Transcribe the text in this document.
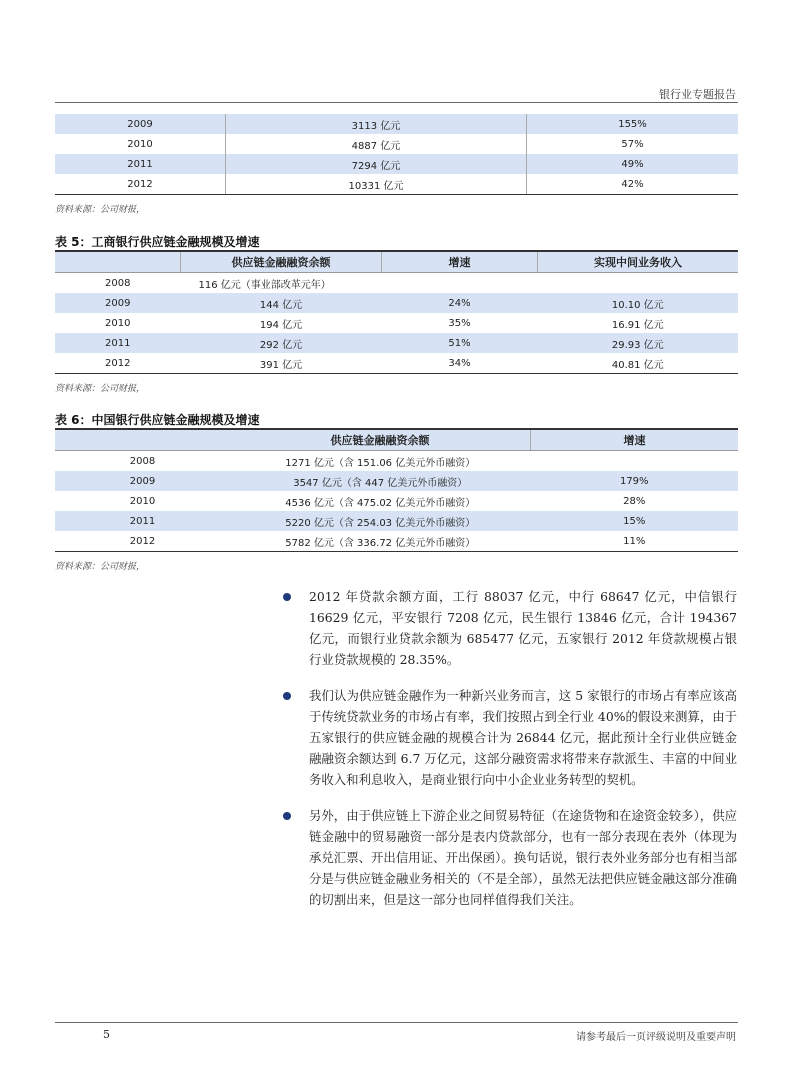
银行业专题报告
2009	3113 亿元	155%
2010	4887 亿元	57%
2011	7294 亿元	49%
2012	10331 亿元	42%
资料来源：公司财报，
表 5：工商银行供应链金融规模及增速
	供应链金融融资余额	增速	实现中间业务收入
2008	116 亿元（事业部改革元年）		
2009	144 亿元	24%	10.10 亿元
2010	194 亿元	35%	16.91 亿元
2011	292 亿元	51%	29.93 亿元
2012	391 亿元	34%	40.81 亿元
资料来源：公司财报，
表 6：中国银行供应链金融规模及增速
	供应链金融融资余额	增速
2008	1271 亿元（含 151.06 亿美元外币融资）	
2009	3547 亿元（含 447 亿美元外币融资）	179%
2010	4536 亿元（含 475.02 亿美元外币融资）	28%
2011	5220 亿元（含 254.03 亿美元外币融资）	15%
2012	5782 亿元（含 336.72 亿美元外币融资）	11%
资料来源：公司财报，
2012 年贷款余额方面，工行 88037 亿元，中行 68647 亿元，中信银行 16629 亿元，平安银行 7208 亿元，民生银行 13846 亿元，合计 194367 亿元，而银行业贷款余额为 685477 亿元，五家银行 2012 年贷款规模占银行业贷款规模的 28.35%。
我们认为供应链金融作为一种新兴业务而言，这 5 家银行的市场占有率应该高于传统贷款业务的市场占有率，我们按照占到全行业 40%的假设来测算，由于五家银行的供应链金融的规模合计为 26844 亿元，据此预计全行业供应链金融融资余额达到 6.7 万亿元，这部分融资需求将带来存款派生、丰富的中间业务收入和利息收入，是商业银行向中小企业业务转型的契机。
另外，由于供应链上下游企业之间贸易特征（在途货物和在途资金较多），供应链金融中的贸易融资一部分是表内贷款部分，也有一部分表现在表外（体现为承兑汇票、开出信用证、开出保函）。换句话说，银行表外业务部分也有相当部分是与供应链金融业务相关的（不是全部），虽然无法把供应链金融这部分准确的切割出来，但是这一部分也同样值得我们关注。
5	请参考最后一页评级说明及重要声明
